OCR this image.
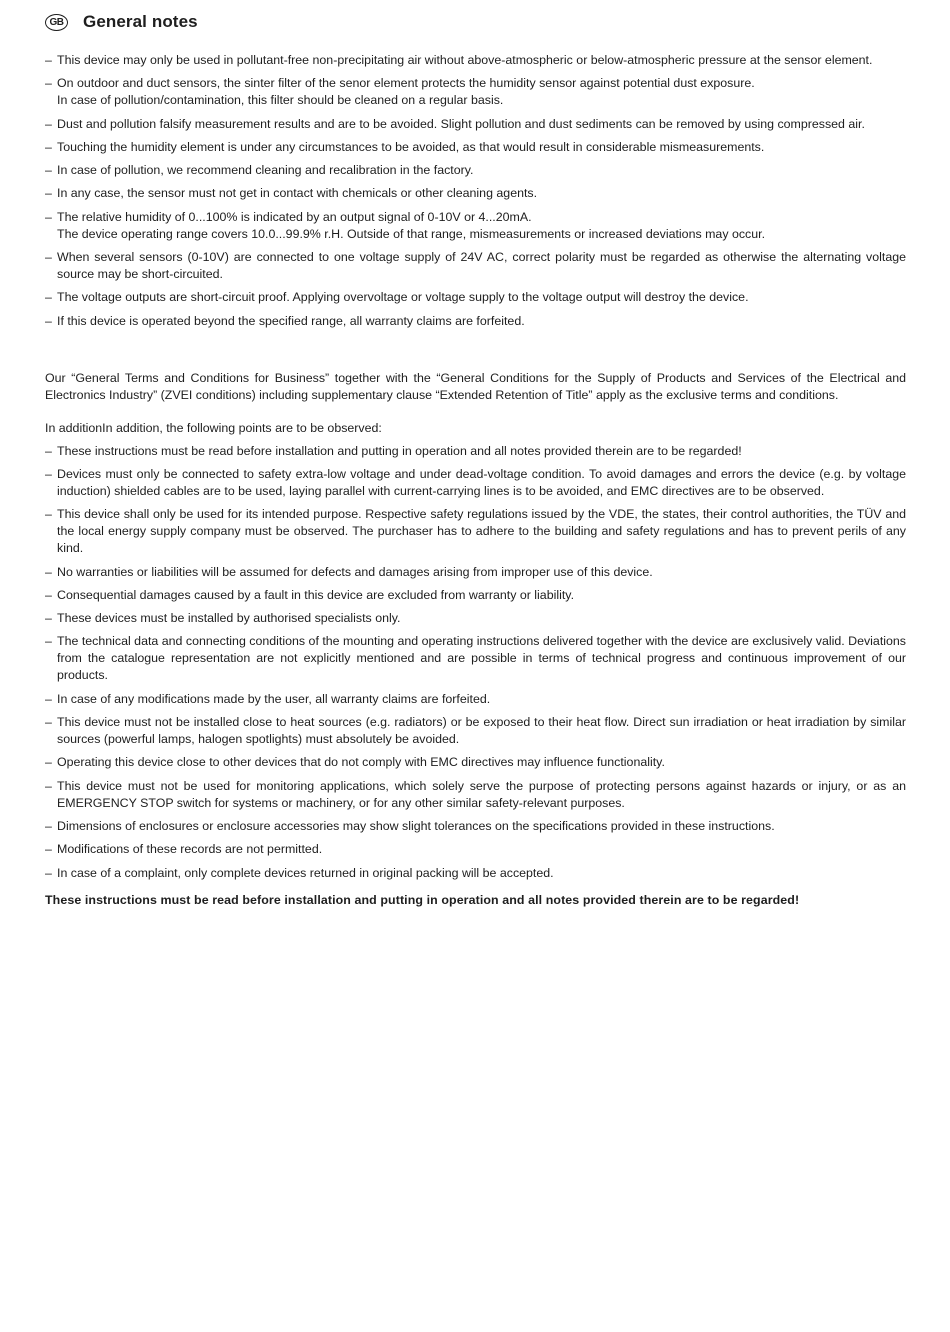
GB General notes
– This device may only be used in pollutant-free non-precipitating air without above-atmospheric or below-atmospheric pressure at the sensor element.
– On outdoor and duct sensors, the sinter filter of the senor element protects the humidity sensor against potential dust exposure.
In case of pollution/contamination, this filter should be cleaned on a regular basis.
– Dust and pollution falsify measurement results and are to be avoided. Slight pollution and dust sediments can be removed by using compressed air.
– Touching the humidity element is under any circumstances to be avoided, as that would result in considerable mismeasurements.
– In case of pollution, we recommend cleaning and recalibration in the factory.
– In any case, the sensor must not get in contact with chemicals or other cleaning agents.
– The relative humidity of 0...100% is indicated by an output signal of 0-10V or 4...20mA.
The device operating range covers 10.0...99.9% r.H. Outside of that range, mismeasurements or increased deviations may occur.
– When several sensors (0-10V) are connected to one voltage supply of 24V AC, correct polarity must be regarded as otherwise the alternating voltage source may be short-circuited.
– The voltage outputs are short-circuit proof. Applying overvoltage or voltage supply to the voltage output will destroy the device.
– If this device is operated beyond the specified range, all warranty claims are forfeited.

Our “General Terms and Conditions for Business” together with the “General Conditions for the Supply of Products and Services of the Electrical and Electronics Industry” (ZVEI conditions) including supplementary clause “Extended Retention of Title” apply as the exclusive terms and conditions.

In additionIn addition, the following points are to be observed:

– These instructions must be read before installation and putting in operation and all notes provided therein are to be regarded!
– Devices must only be connected to safety extra-low voltage and under dead-voltage condition. To avoid damages and errors the device (e.g. by voltage induction) shielded cables are to be used, laying parallel with current-carrying lines is to be avoided, and EMC directives are to be observed.
– This device shall only be used for its intended purpose. Respective safety regulations issued by the VDE, the states, their control authorities, the TÜV and the local energy supply company must be observed. The purchaser has to adhere to the building and safety regulations and has to prevent perils of any kind.
– No warranties or liabilities will be assumed for defects and damages arising from improper use of this device.
– Consequential damages caused by a fault in this device are excluded from warranty or liability.
– These devices must be installed by authorised specialists only.
– The technical data and connecting conditions of the mounting and operating instructions delivered together with the device are exclusively valid. Deviations from the catalogue representation are not explicitly mentioned and are possible in terms of technical progress and continuous improvement of our products.
– In case of any modifications made by the user, all warranty claims are forfeited.
– This device must not be installed close to heat sources (e.g. radiators) or be exposed to their heat flow. Direct sun irradiation or heat irradiation by similar sources (powerful lamps, halogen spotlights) must absolutely be avoided.
– Operating this device close to other devices that do not comply with EMC directives may influence functionality.
– This device must not be used for monitoring applications, which solely serve the purpose of protecting persons against hazards or injury, or as an EMERGENCY STOP switch for systems or machinery, or for any other similar safety-relevant purposes.
– Dimensions of enclosures or enclosure accessories may show slight tolerances on the specifications provided in these instructions.
– Modifications of these records are not permitted.
– In case of a complaint, only complete devices returned in original packing will be accepted.

These instructions must be read before installation and putting in operation and all notes provided therein are to be regarded!
